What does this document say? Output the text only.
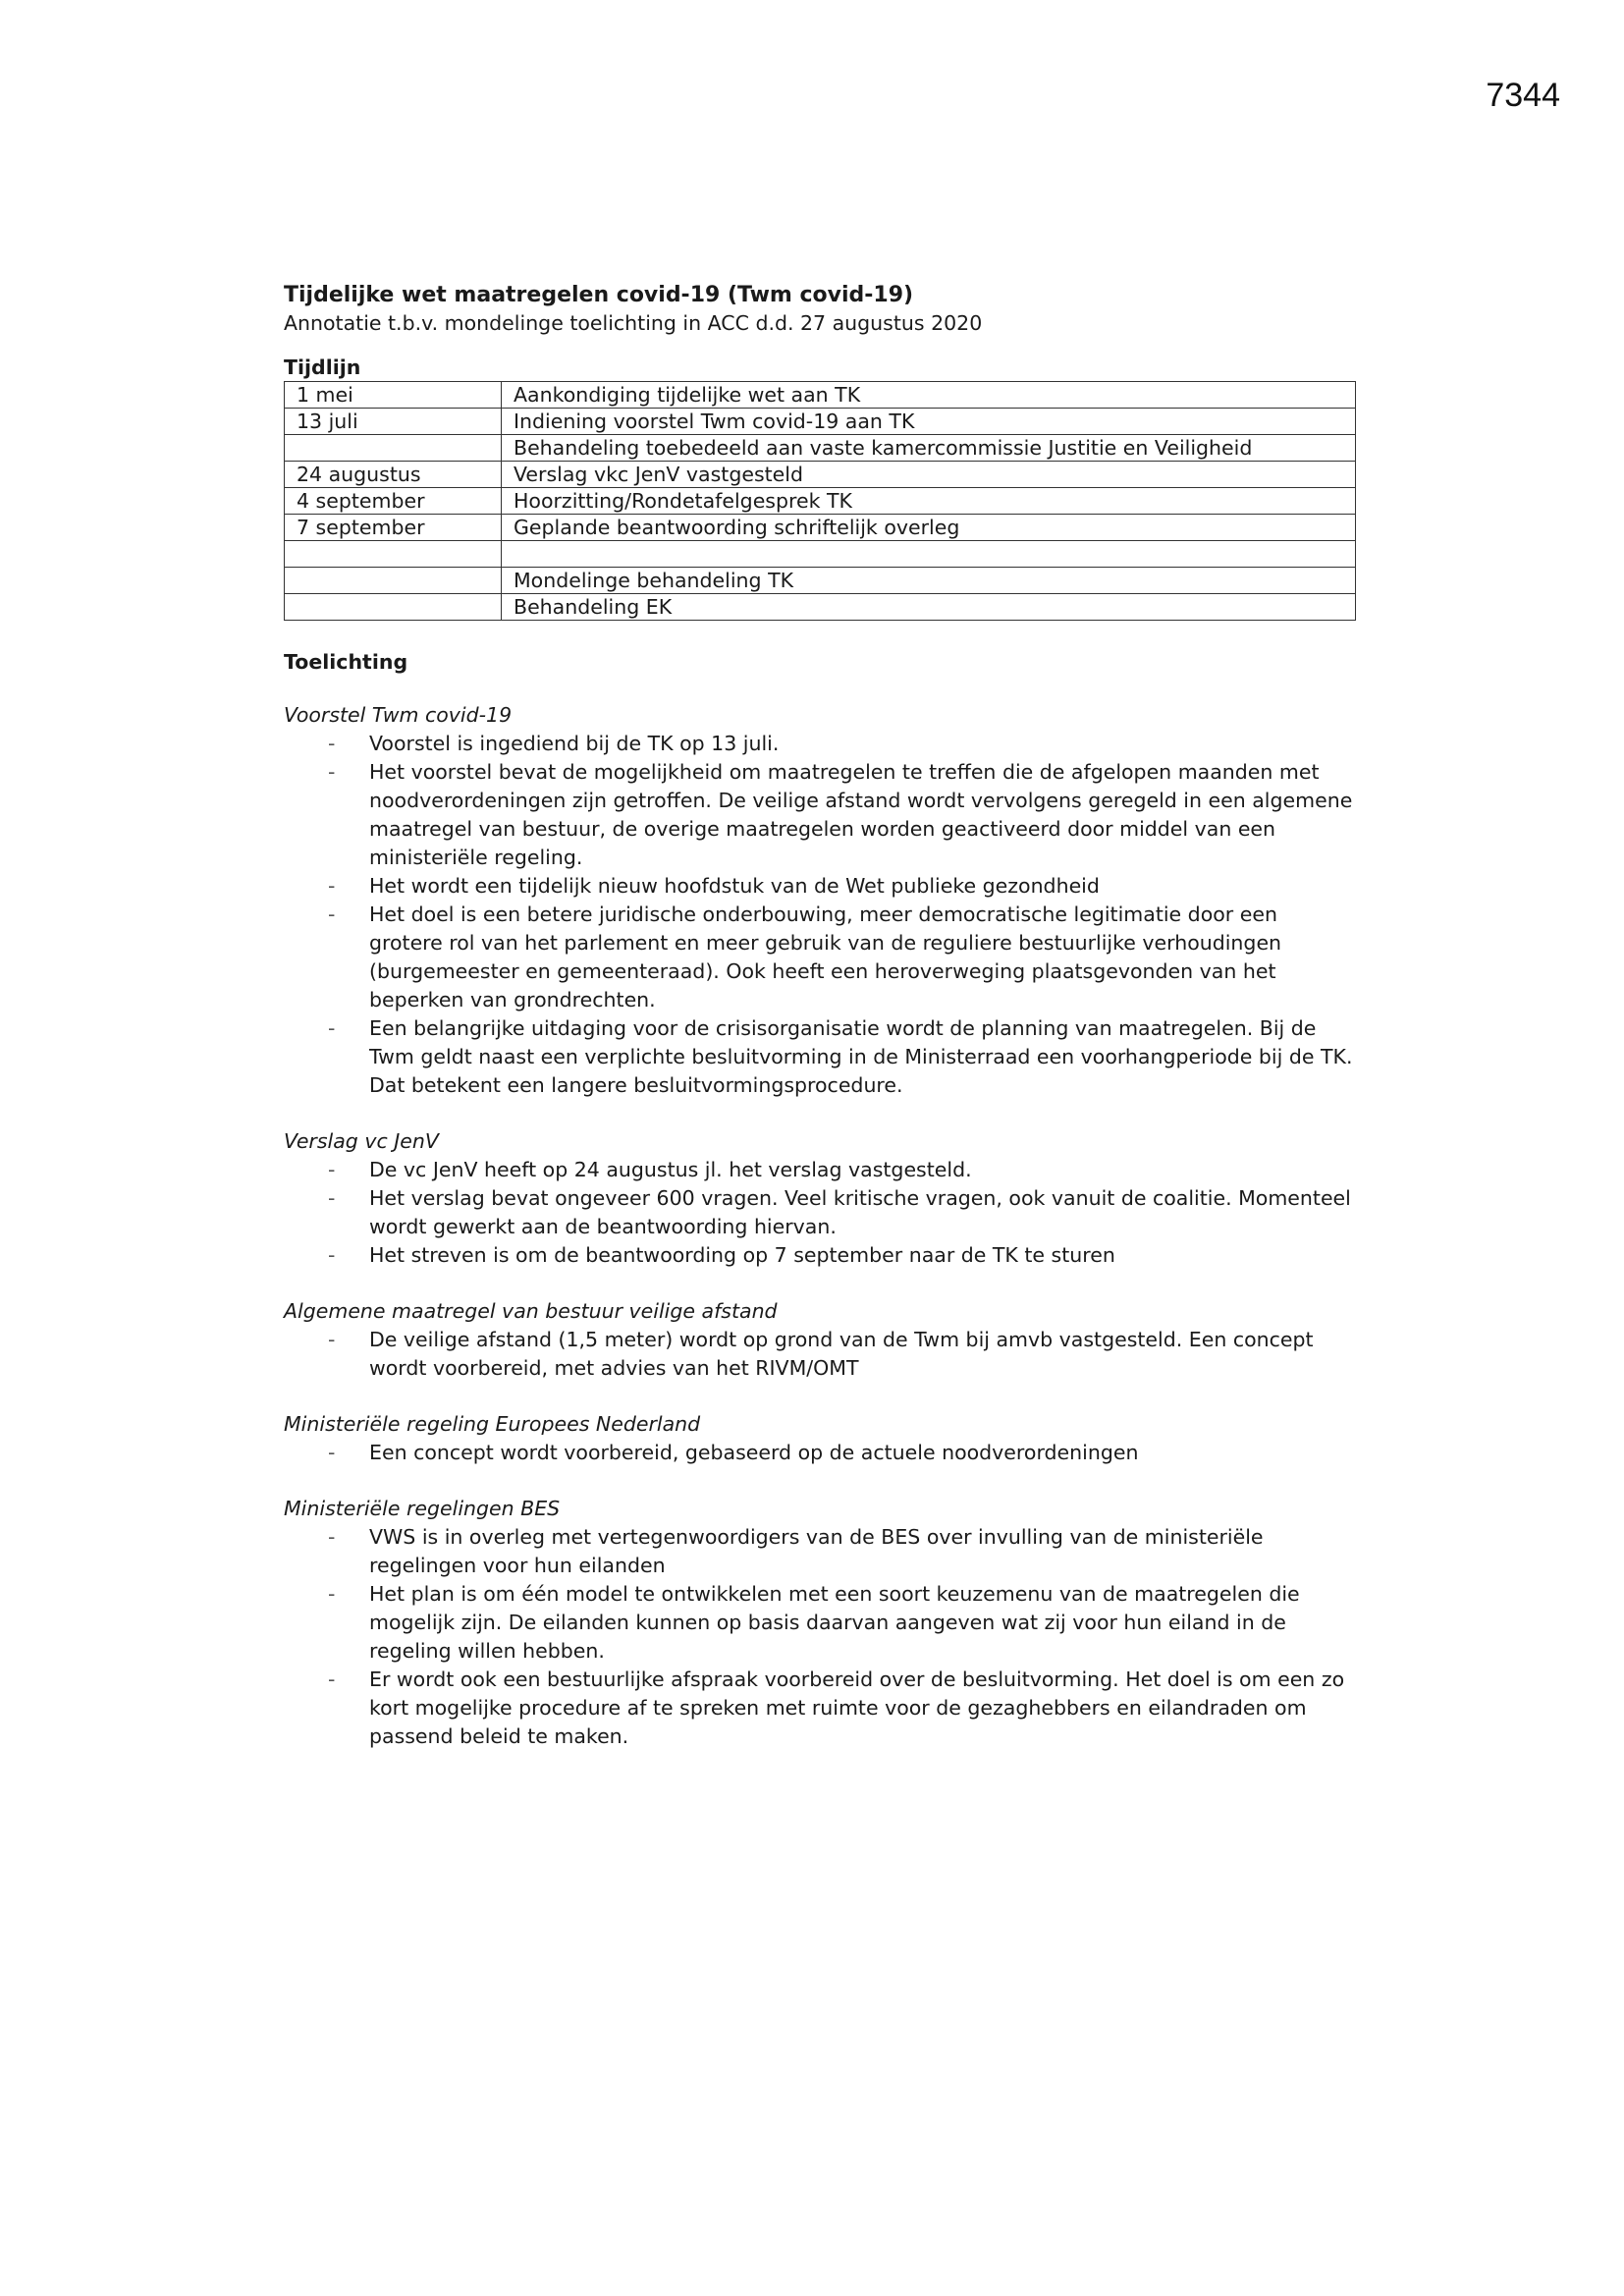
7344

Tijdelijke wet maatregelen covid-19 (Twm covid-19)

Annotatie t.b.v. mondelinge toelichting in ACC d.d. 27 augustus 2020

Tijdlijn

1 mei	Aankondiging tijdelijke wet aan TK
13 juli	Indiening voorstel Twm covid-19 aan TK
	Behandeling toebedeeld aan vaste kamercommissie Justitie en Veiligheid
24 augustus	Verslag vkc JenV vastgesteld
4 september	Hoorzitting/Rondetafelgesprek TK
7 september	Geplande beantwoording schriftelijk overleg

	Mondelinge behandeling TK
	Behandeling EK

Toelichting

Voorstel Twm covid-19

- Voorstel is ingediend bij de TK op 13 juli.
- Het voorstel bevat de mogelijkheid om maatregelen te treffen die de afgelopen maanden met noodverordeningen zijn getroffen. De veilige afstand wordt vervolgens geregeld in een algemene maatregel van bestuur, de overige maatregelen worden geactiveerd door middel van een ministeriële regeling.
- Het wordt een tijdelijk nieuw hoofdstuk van de Wet publieke gezondheid
- Het doel is een betere juridische onderbouwing, meer democratische legitimatie door een grotere rol van het parlement en meer gebruik van de reguliere bestuurlijke verhoudingen (burgemeester en gemeenteraad). Ook heeft een heroverweging plaatsgevonden van het beperken van grondrechten.
- Een belangrijke uitdaging voor de crisisorganisatie wordt de planning van maatregelen. Bij de Twm geldt naast een verplichte besluitvorming in de Ministerraad een voorhangperiode bij de TK. Dat betekent een langere besluitvormingsprocedure.

Verslag vc JenV

- De vc JenV heeft op 24 augustus jl. het verslag vastgesteld.
- Het verslag bevat ongeveer 600 vragen. Veel kritische vragen, ook vanuit de coalitie. Momenteel wordt gewerkt aan de beantwoording hiervan.
- Het streven is om de beantwoording op 7 september naar de TK te sturen

Algemene maatregel van bestuur veilige afstand

- De veilige afstand (1,5 meter) wordt op grond van de Twm bij amvb vastgesteld. Een concept wordt voorbereid, met advies van het RIVM/OMT

Ministeriële regeling Europees Nederland

- Een concept wordt voorbereid, gebaseerd op de actuele noodverordeningen

Ministeriële regelingen BES

- VWS is in overleg met vertegenwoordigers van de BES over invulling van de ministeriële regelingen voor hun eilanden
- Het plan is om één model te ontwikkelen met een soort keuzemenu van de maatregelen die mogelijk zijn. De eilanden kunnen op basis daarvan aangeven wat zij voor hun eiland in de regeling willen hebben.
- Er wordt ook een bestuurlijke afspraak voorbereid over de besluitvorming. Het doel is om een zo kort mogelijke procedure af te spreken met ruimte voor de gezaghebbers en eilandraden om passend beleid te maken.
